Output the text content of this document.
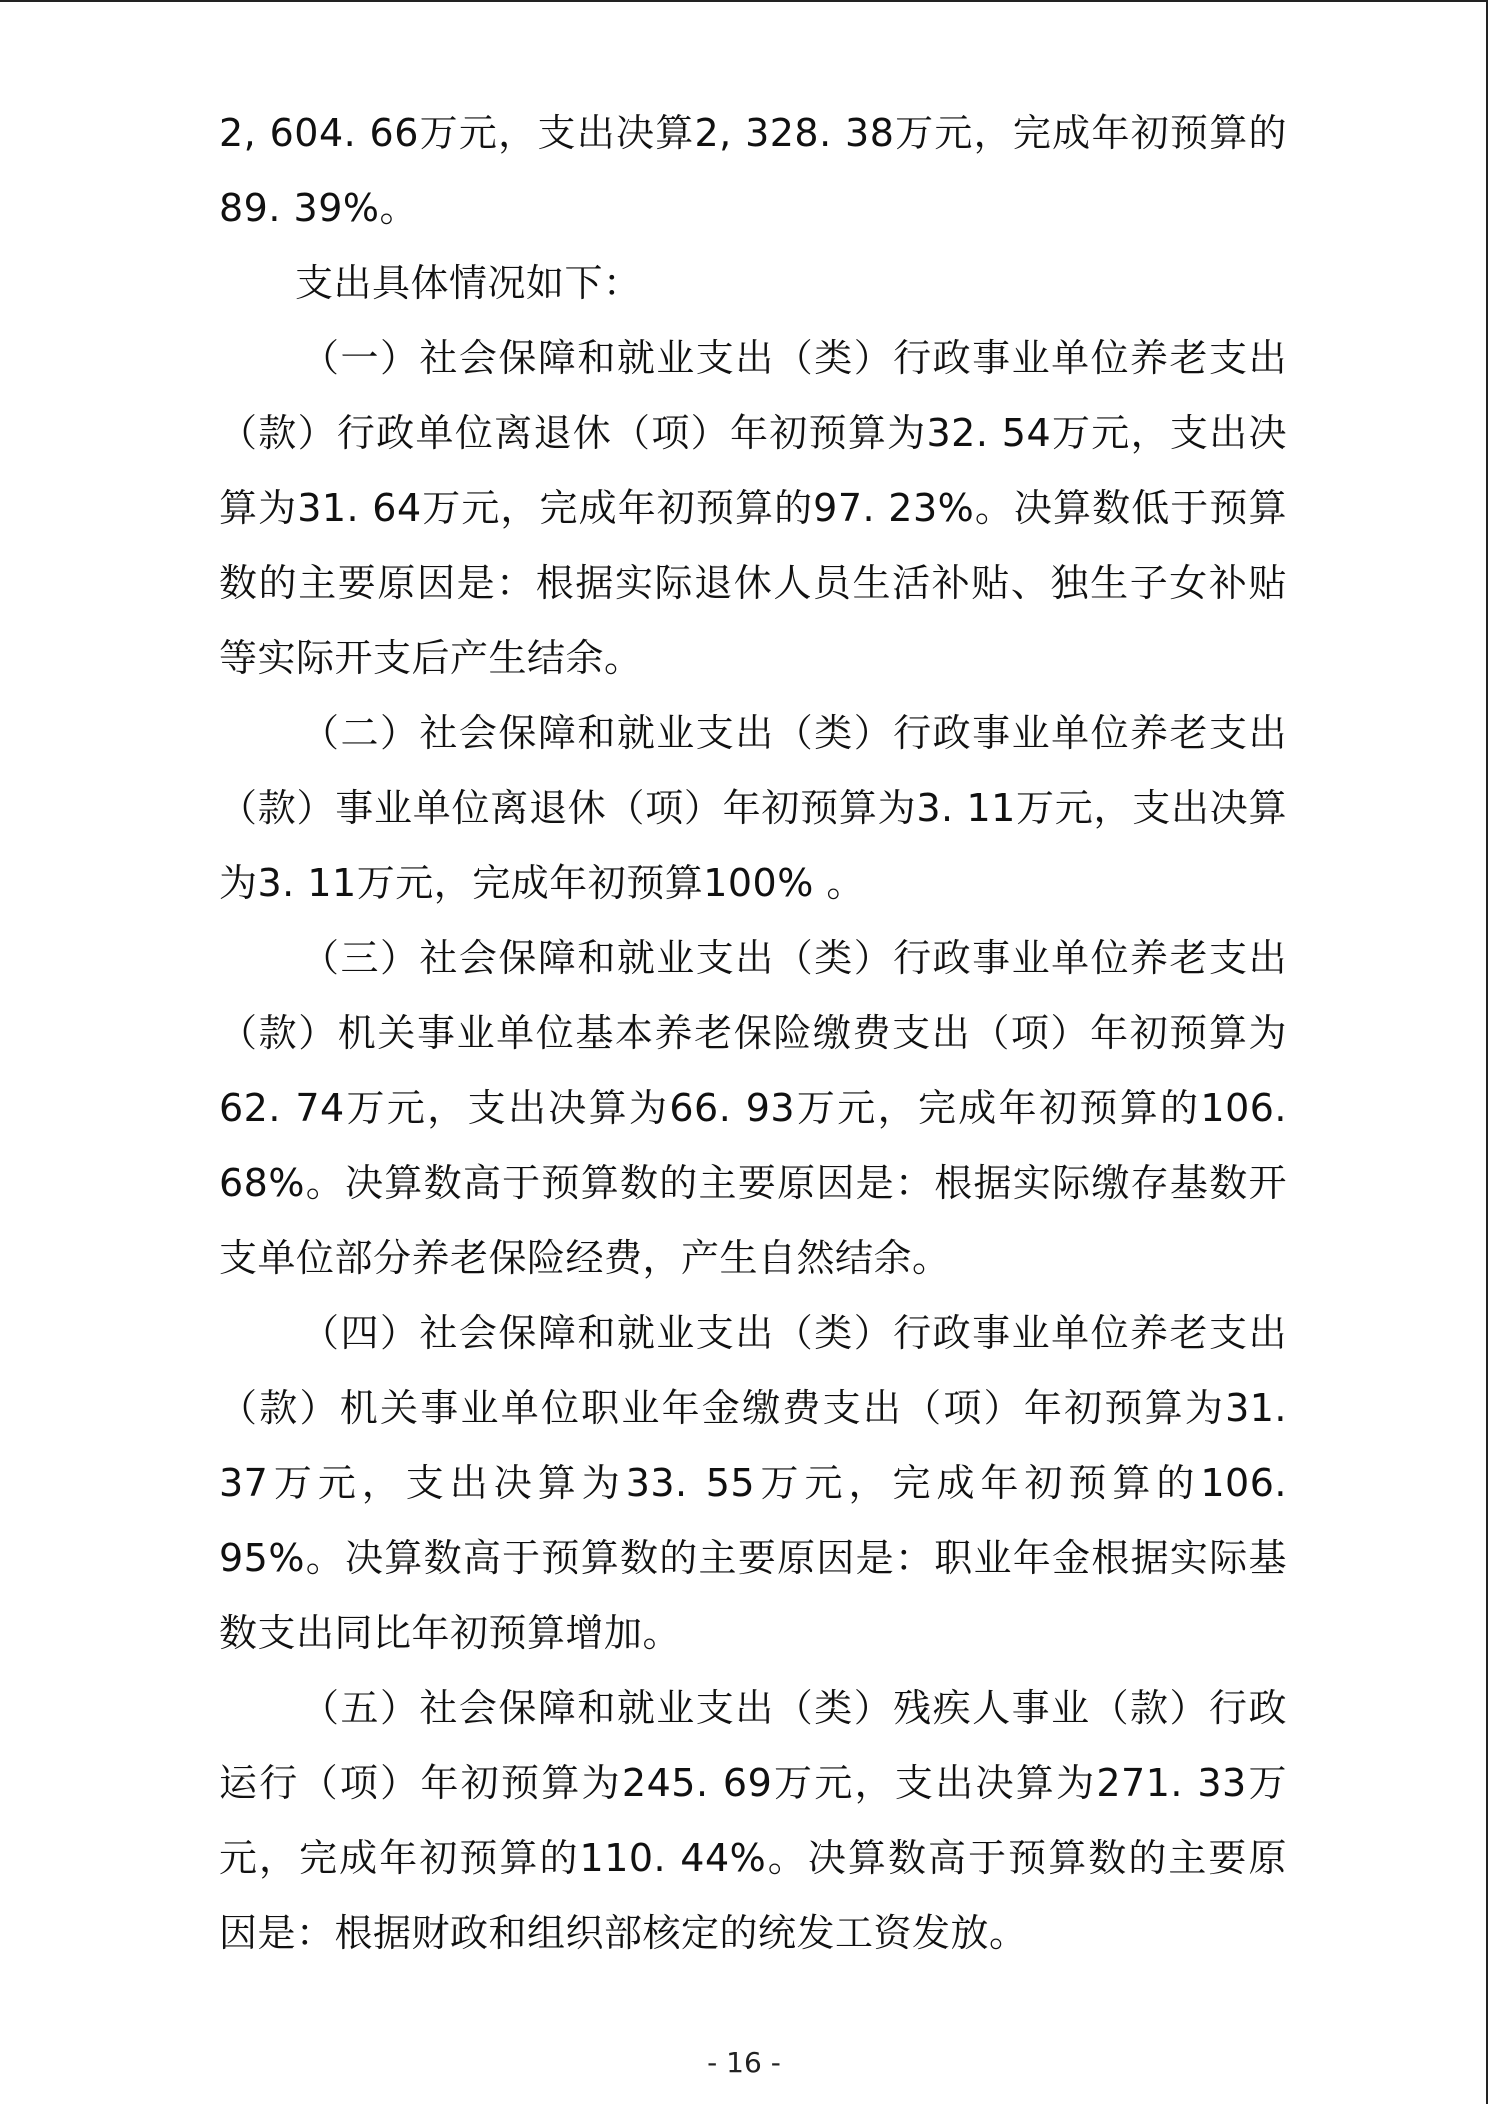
2, 604. 66万元，支出决算2, 328. 38万元，完成年初预算的89. 39%。

支出具体情况如下：

（一）社会保障和就业支出（类）行政事业单位养老支出（款）行政单位离退休（项）年初预算为32. 54万元，支出决算为31. 64万元，完成年初预算的97. 23%。决算数低于预算数的主要原因是：根据实际退休人员生活补贴、独生子女补贴等实际开支后产生结余。

（二）社会保障和就业支出（类）行政事业单位养老支出（款）事业单位离退休（项）年初预算为3. 11万元，支出决算为3. 11万元，完成年初预算100% 。

（三）社会保障和就业支出（类）行政事业单位养老支出（款）机关事业单位基本养老保险缴费支出（项）年初预算为62. 74万元，支出决算为66. 93万元，完成年初预算的106. 68%。决算数高于预算数的主要原因是：根据实际缴存基数开支单位部分养老保险经费，产生自然结余。

（四）社会保障和就业支出（类）行政事业单位养老支出（款）机关事业单位职业年金缴费支出（项）年初预算为31. 37万元，支出决算为33. 55万元，完成年初预算的106. 95%。决算数高于预算数的主要原因是：职业年金根据实际基数支出同比年初预算增加。

（五）社会保障和就业支出（类）残疾人事业（款）行政运行（项）年初预算为245. 69万元，支出决算为271. 33万元，完成年初预算的110. 44%。决算数高于预算数的主要原因是：根据财政和组织部核定的统发工资发放。

- 16 -
